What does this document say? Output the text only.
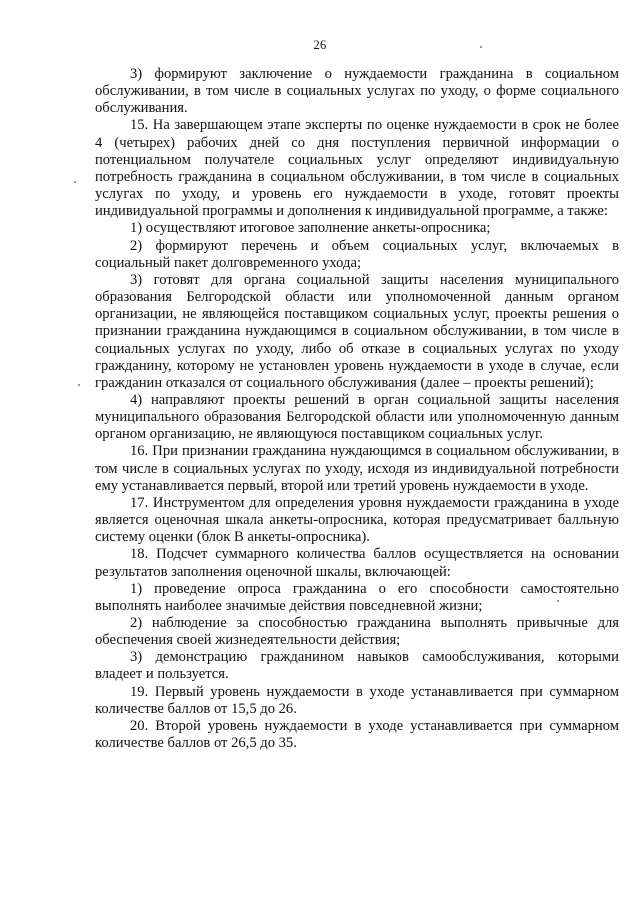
26

3) формируют заключение о нуждаемости гражданина в социальном обслуживании, в том числе в социальных услугах по уходу, о форме социального обслуживания.

15. На завершающем этапе эксперты по оценке нуждаемости в срок не более 4 (четырех) рабочих дней со дня поступления первичной информации о потенциальном получателе социальных услуг определяют индивидуальную потребность гражданина в социальном обслуживании, в том числе в социальных услугах по уходу, и уровень его нуждаемости в уходе, готовят проекты индивидуальной программы и дополнения к индивидуальной программе, а также:

1) осуществляют итоговое заполнение анкеты-опросника;

2) формируют перечень и объем социальных услуг, включаемых в социальный пакет долговременного ухода;

3) готовят для органа социальной защиты населения муниципального образования Белгородской области или уполномоченной данным органом организации, не являющейся поставщиком социальных услуг, проекты решения о признании гражданина нуждающимся в социальном обслуживании, в том числе в социальных услугах по уходу, либо об отказе в социальных услугах по уходу гражданину, которому не установлен уровень нуждаемости в уходе в случае, если гражданин отказался от социального обслуживания (далее – проекты решений);

4) направляют проекты решений в орган социальной защиты населения муниципального образования Белгородской области или уполномоченную данным органом организацию, не являющуюся поставщиком социальных услуг.

16. При признании гражданина нуждающимся в социальном обслуживании, в том числе в социальных услугах по уходу, исходя из индивидуальной потребности ему устанавливается первый, второй или третий уровень нуждаемости в уходе.

17. Инструментом для определения уровня нуждаемости гражданина в уходе является оценочная шкала анкеты-опросника, которая предусматривает балльную систему оценки (блок В анкеты-опросника).

18. Подсчет суммарного количества баллов осуществляется на основании результатов заполнения оценочной шкалы, включающей:

1) проведение опроса гражданина о его способности самостоятельно выполнять наиболее значимые действия повседневной жизни;

2) наблюдение за способностью гражданина выполнять привычные для обеспечения своей жизнедеятельности действия;

3) демонстрацию гражданином навыков самообслуживания, которыми владеет и пользуется.

19. Первый уровень нуждаемости в уходе устанавливается при суммарном количестве баллов от 15,5 до 26.

20. Второй уровень нуждаемости в уходе устанавливается при суммарном количестве баллов от 26,5 до 35.
